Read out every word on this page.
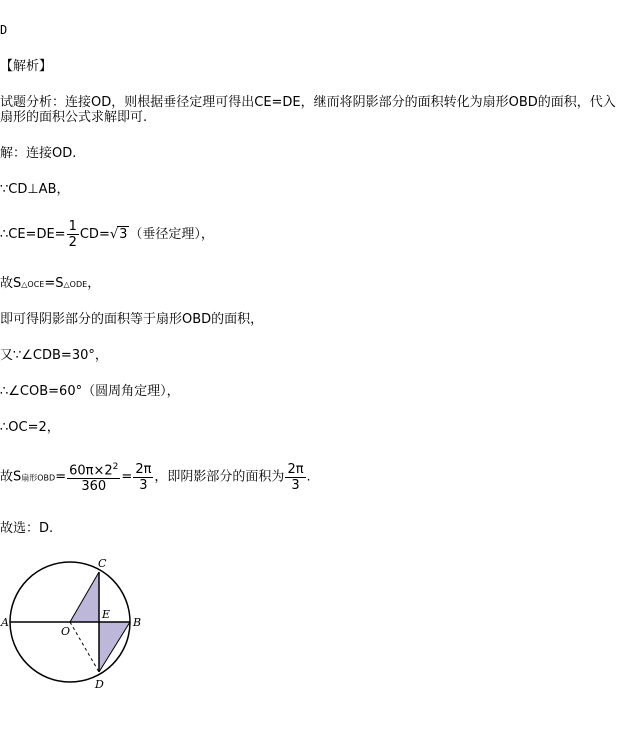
D
【解析】
试题分析：连接OD，则根据垂径定理可得出CE=DE，继而将阴影部分的面积转化为扇形OBD的面积，代入
扇形的面积公式求解即可.
解：连接OD.
∵CD⊥AB，
∴CE=DE= $\frac{1}{2} CD=√3$ （垂径定理），
故S△OCE=S△ODE，
即可得阴影部分的面积等于扇形OBD的面积，
又∵∠CDB=30°，
∴∠COB=60°（圆周角定理），
∴OC=2，
故S扇形$OBD= \frac{60\pi\times 2^2}{360} = \frac{2\pi}{3}$ ，即阴影部分的面积为 $\frac{2\pi}{3}$ .
故选：D.
A	B
C
D
E
O
